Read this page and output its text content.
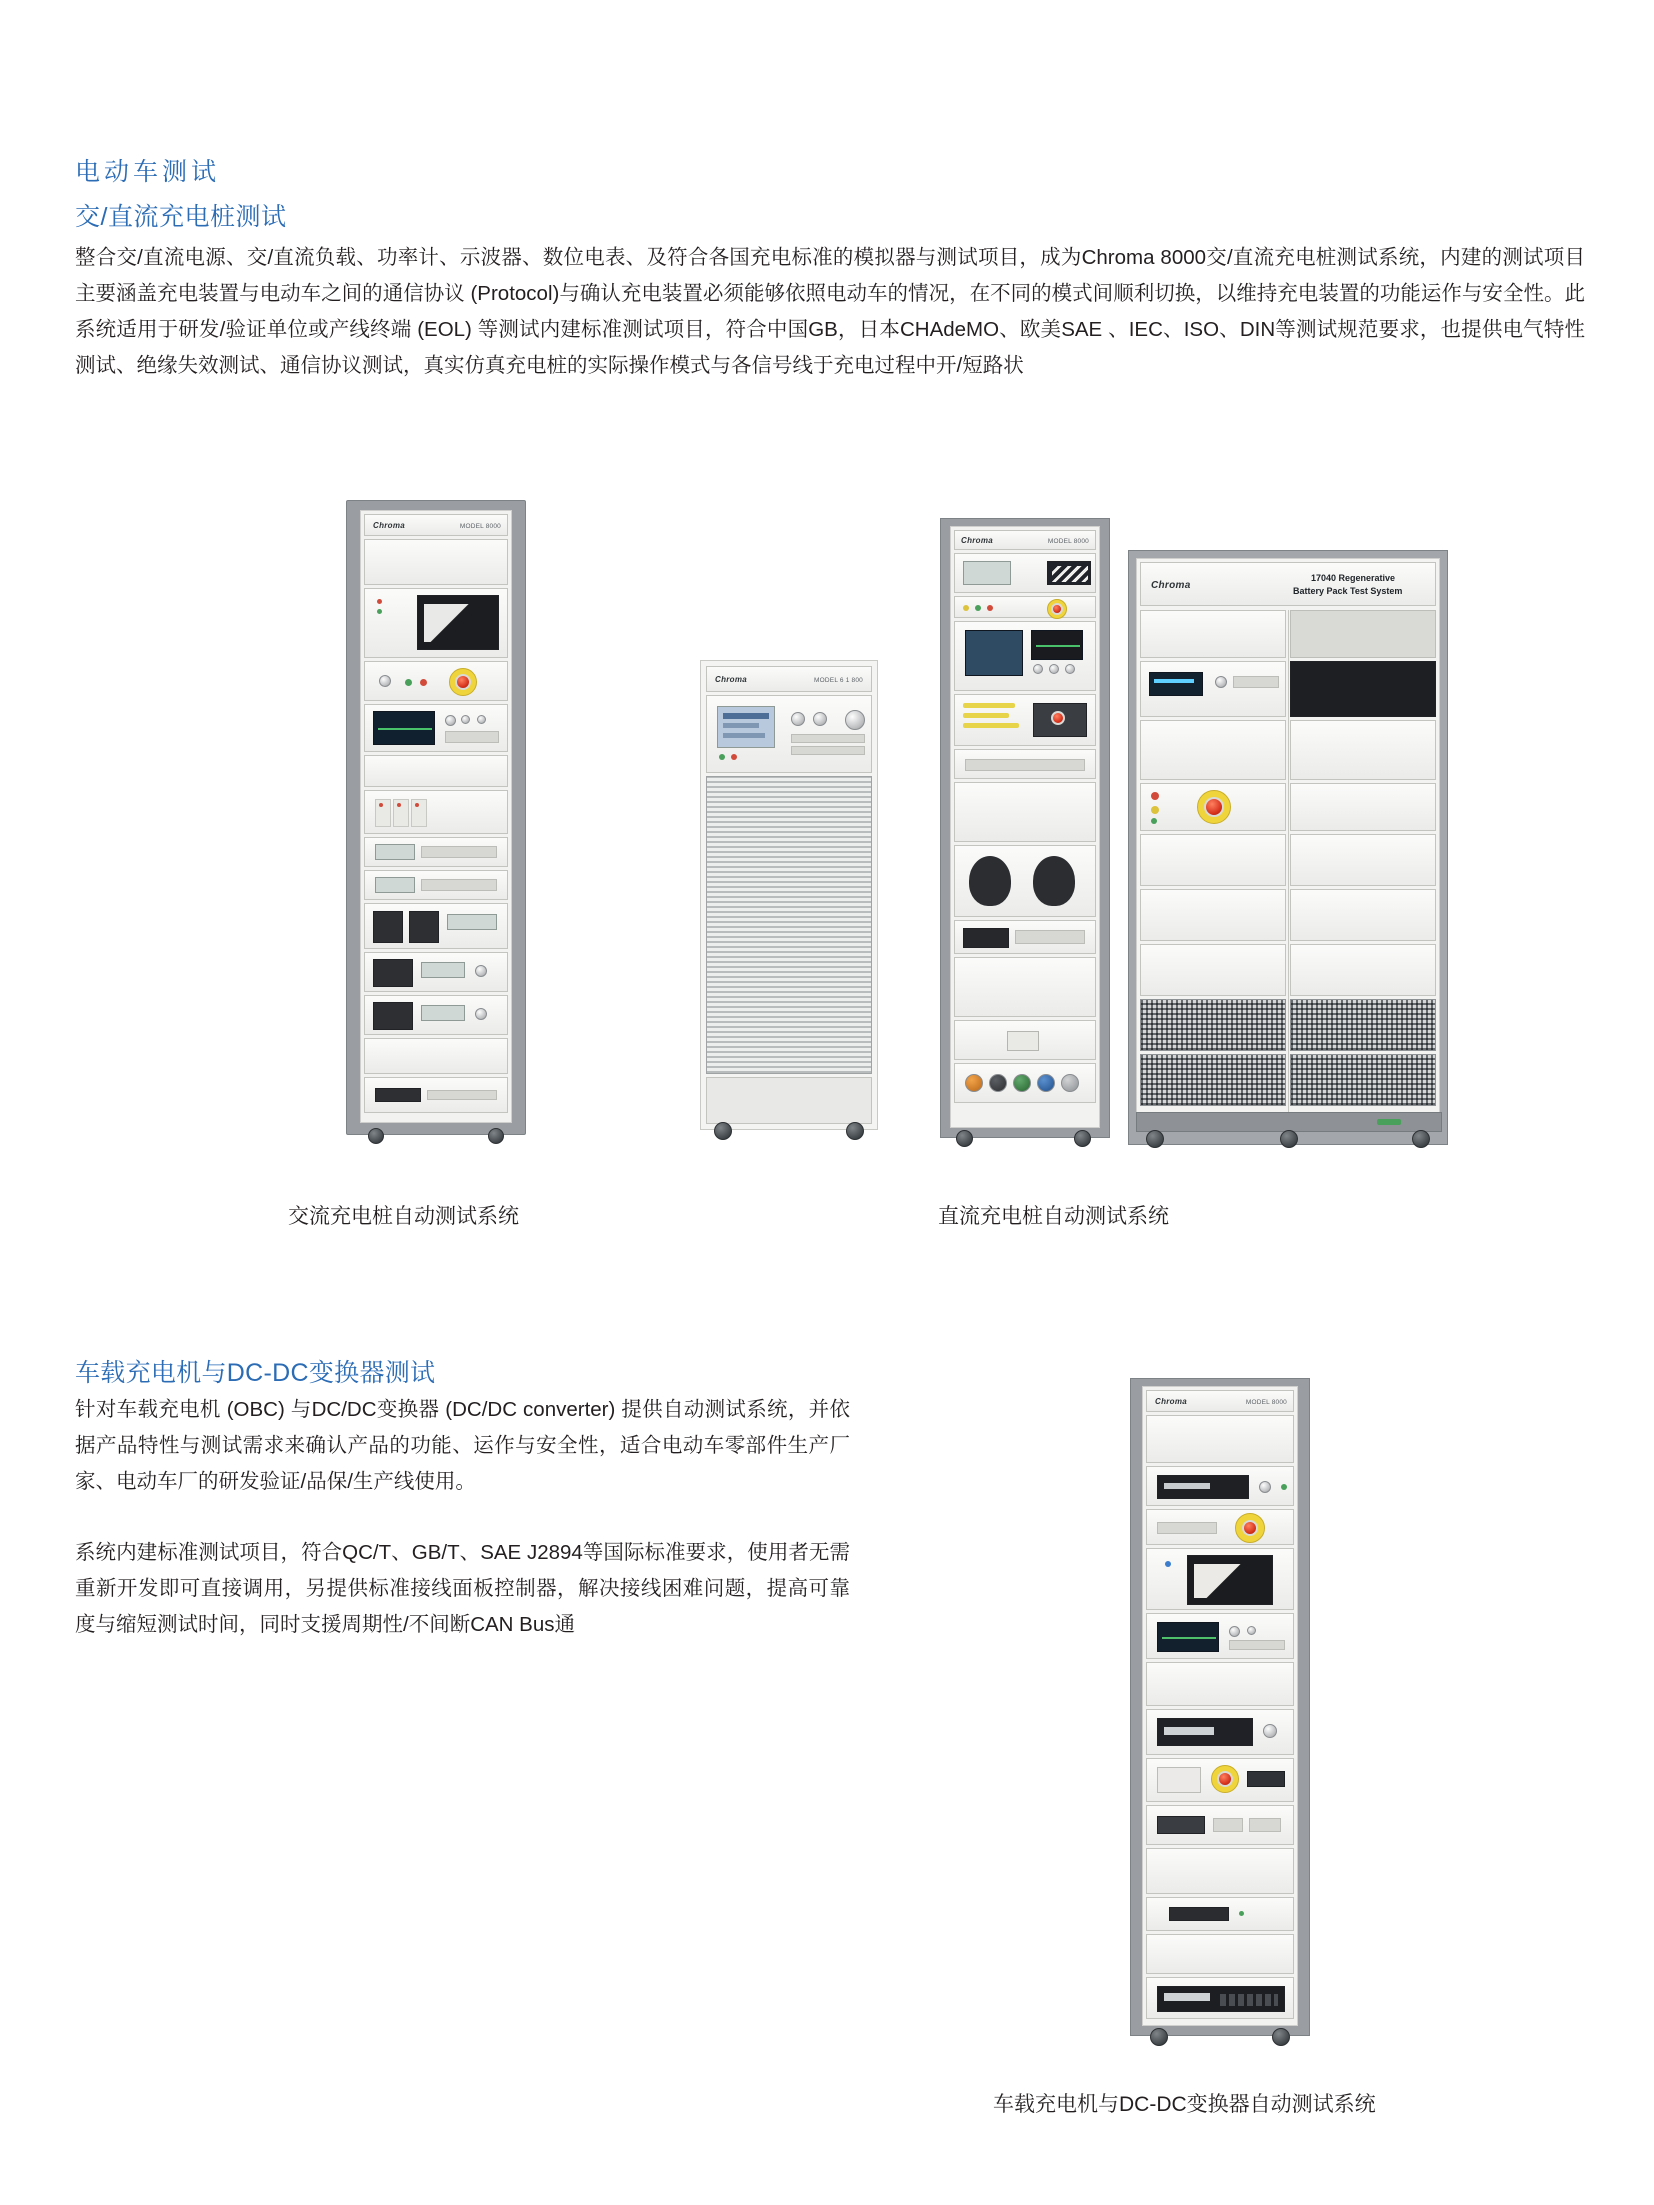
电动车测试
交/直流充电桩测试
整合交/直流电源、交/直流负载、功率计、示波器、数位电表、及符合各国充电标准的模拟器与测试项目，成为Chroma 8000交/直流充电桩测试系统，内建的测试项目主要涵盖充电装置与电动车之间的通信协议 (Protocol)与确认充电装置必须能够依照电动车的情况，在不同的模式间顺利切换，以维持充电装置的功能运作与安全性。此系统适用于研发/验证单位或产线终端 (EOL) 等测试内建标准测试项目，符合中国GB，日本CHAdeMO、欧美SAE 、IEC、ISO、DIN等测试规范要求，也提供电气特性测试、绝缘失效测试、通信协议测试，真实仿真充电桩的实际操作模式与各信号线于充电过程中开/短路状
车载充电机与DC-DC变换器测试
针对车载充电机 (OBC) 与DC/DC变换器 (DC/DC converter) 提供自动测试系统，并依据产品特性与测试需求来确认产品的功能、运作与安全性，适合电动车零部件生产厂家、电动车厂的研发验证/品保/生产线使用。
系统内建标准测试项目，符合QC/T、GB/T、SAE J2894等国际标准要求，使用者无需重新开发即可直接调用，另提供标准接线面板控制器，解决接线困难问题，提高可靠度与缩短测试时间，同时支援周期性/不间断CAN Bus通
交流充电桩自动测试系统	直流充电桩自动测试系统
车载充电机与DC-DC变换器自动测试系统
Chroma	MODEL 8000
Chroma	MODEL 6 1 800
Chroma	MODEL 8000
Chroma
17040 Regenerative
Battery Pack Test System
Chroma	MODEL 8000
